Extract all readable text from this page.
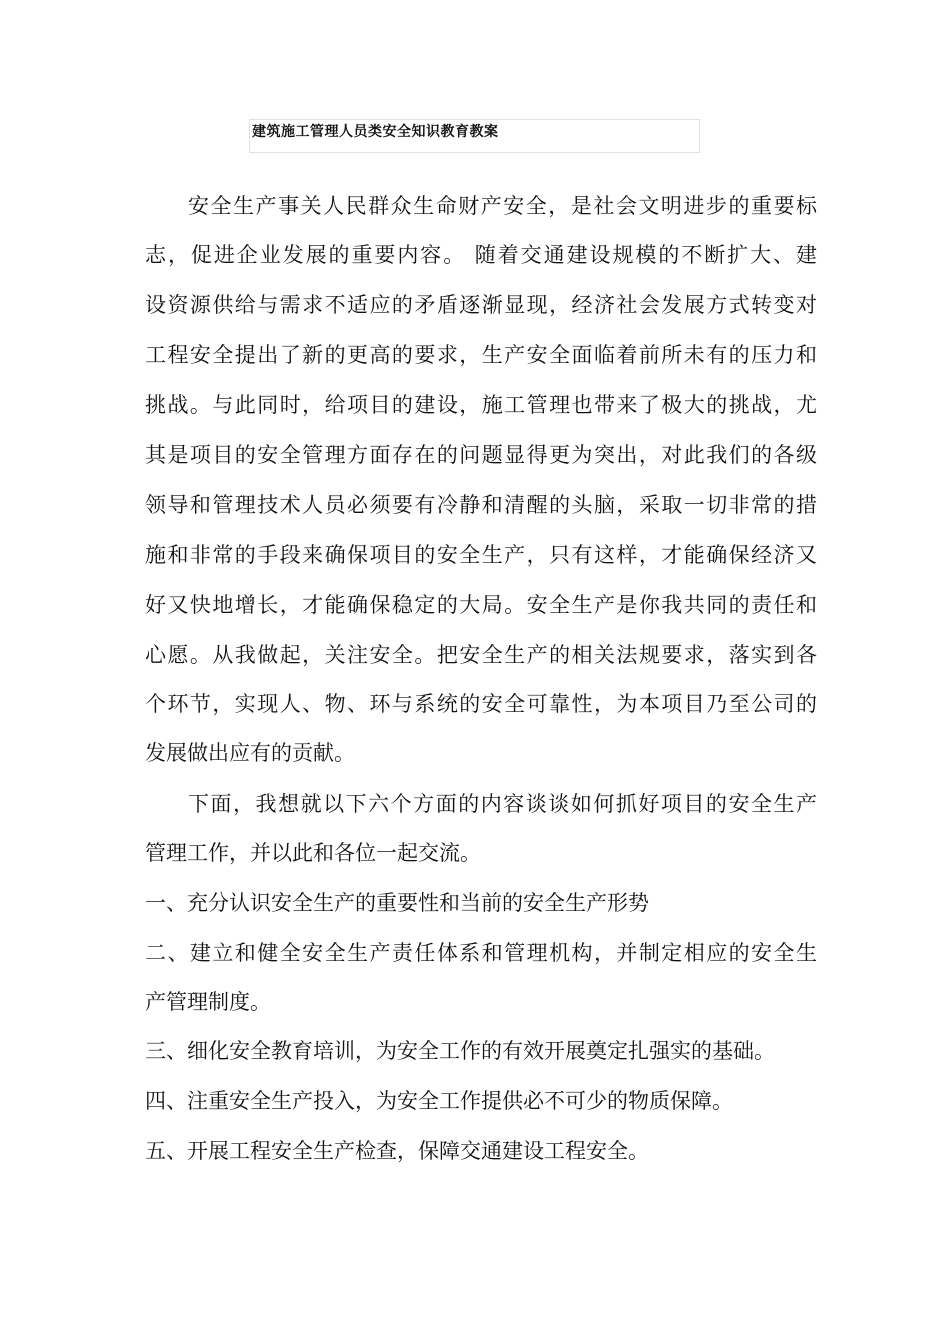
建筑施工管理人员类安全知识教育教案
安全生产事关人民群众生命财产安全，是社会文明进步的重要标
志，促进企业发展的重要内容。 随着交通建设规模的不断扩大、建
设资源供给与需求不适应的矛盾逐渐显现，经济社会发展方式转变对
工程安全提出了新的更高的要求，生产安全面临着前所未有的压力和
挑战。与此同时，给项目的建设，施工管理也带来了极大的挑战，尤
其是项目的安全管理方面存在的问题显得更为突出，对此我们的各级
领导和管理技术人员必须要有冷静和清醒的头脑，采取一切非常的措
施和非常的手段来确保项目的安全生产，只有这样，才能确保经济又
好又快地增长，才能确保稳定的大局。安全生产是你我共同的责任和
心愿。从我做起，关注安全。把安全生产的相关法规要求，落实到各
个环节，实现人、物、环与系统的安全可靠性，为本项目乃至公司的
发展做出应有的贡献。
下面，我想就以下六个方面的内容谈谈如何抓好项目的安全生产
管理工作，并以此和各位一起交流。
一、充分认识安全生产的重要性和当前的安全生产形势
二、建立和健全安全生产责任体系和管理机构，并制定相应的安全生
产管理制度。
三、细化安全教育培训，为安全工作的有效开展奠定扎强实的基础。
四、注重安全生产投入，为安全工作提供必不可少的物质保障。
五、开展工程安全生产检查，保障交通建设工程安全。
